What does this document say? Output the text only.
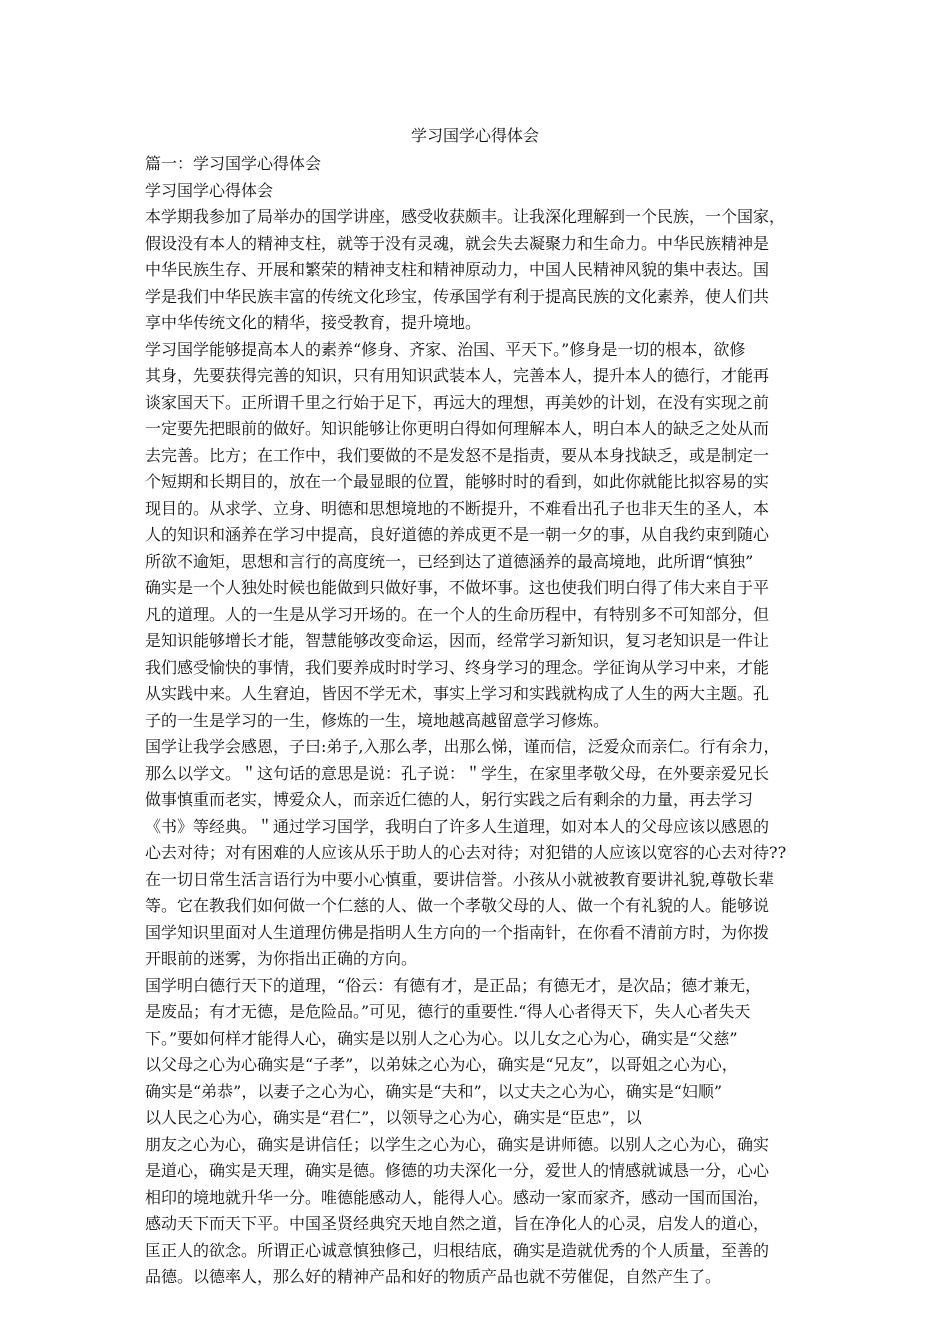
学习国学心得体会
篇一：学习国学心得体会
学习国学心得体会
本学期我参加了局举办的国学讲座，感受收获颇丰。让我深化理解到一个民族，一个国家，
假设没有本人的精神支柱，就等于没有灵魂，就会失去凝聚力和生命力。中华民族精神是
中华民族生存、开展和繁荣的精神支柱和精神原动力，中国人民精神风貌的集中表达。国
学是我们中华民族丰富的传统文化珍宝，传承国学有利于提高民族的文化素养，使人们共
享中华传统文化的精华，接受教育，提升境地。
学习国学能够提高本人的素养“修身、齐家、治国、平天下。”修身是一切的根本，欲修
其身，先要获得完善的知识，只有用知识武装本人，完善本人，提升本人的德行，才能再
谈家国天下。正所谓千里之行始于足下，再远大的理想，再美妙的计划，在没有实现之前
一定要先把眼前的做好。知识能够让你更明白得如何理解本人，明白本人的缺乏之处从而
去完善。比方；在工作中，我们要做的不是发怒不是指责，要从本身找缺乏，或是制定一
个短期和长期目的，放在一个最显眼的位置，能够时时的看到，如此你就能比拟容易的实
现目的。从求学、立身、明德和思想境地的不断提升，不难看出孔子也非天生的圣人，本
人的知识和涵养在学习中提高，良好道德的养成更不是一朝一夕的事，从自我约束到随心
所欲不逾矩，思想和言行的高度统一，已经到达了道德涵养的最高境地，此所谓“慎独”
确实是一个人独处时候也能做到只做好事，不做坏事。这也使我们明白得了伟大来自于平
凡的道理。人的一生是从学习开场的。在一个人的生命历程中，有特别多不可知部分，但
是知识能够增长才能，智慧能够改变命运，因而，经常学习新知识，复习老知识是一件让
我们感受愉快的事情，我们要养成时时学习、终身学习的理念。学征询从学习中来，才能
从实践中来。人生窘迫，皆因不学无术，事实上学习和实践就构成了人生的两大主题。孔
子的一生是学习的一生，修炼的一生，境地越高越留意学习修炼。
国学让我学会感恩，子曰:弟子,入那么孝，出那么悌，谨而信，泛爱众而亲仁。行有余力，
那么以学文。＂这句话的意思是说：孔子说：＂学生，在家里孝敬父母，在外要亲爱兄长
做事慎重而老实，博爱众人，而亲近仁德的人，躬行实践之后有剩余的力量，再去学习
《书》等经典。＂通过学习国学，我明白了许多人生道理，如对本人的父母应该以感恩的
心去对待；对有困难的人应该从乐于助人的心去对待；对犯错的人应该以宽容的心去对待??
在一切日常生活言语行为中要小心慎重，要讲信誉。小孩从小就被教育要讲礼貌,尊敬长辈
等。它在教我们如何做一个仁慈的人、做一个孝敬父母的人、做一个有礼貌的人。能够说
国学知识里面对人生道理仿佛是指明人生方向的一个指南针，在你看不清前方时，为你拨
开眼前的迷雾，为你指出正确的方向。
国学明白德行天下的道理，“俗云：有德有才，是正品；有德无才，是次品；德才兼无，
是废品；有才无德，是危险品。”可见，德行的重要性.“得人心者得天下，失人心者失天
下。”要如何样才能得人心，确实是以别人之心为心。以儿女之心为心，确实是“父慈”
以父母之心为心确实是“子孝”，以弟妹之心为心，确实是“兄友”，以哥姐之心为心，
确实是“弟恭”，以妻子之心为心，确实是“夫和”，以丈夫之心为心，确实是“妇顺”
以人民之心为心，确实是“君仁”，以领导之心为心，确实是“臣忠”，以
朋友之心为心，确实是讲信任；以学生之心为心，确实是讲师德。以别人之心为心，确实
是道心，确实是天理，确实是德。修德的功夫深化一分，爱世人的情感就诚恳一分，心心
相印的境地就升华一分。唯德能感动人，能得人心。感动一家而家齐，感动一国而国治，
感动天下而天下平。中国圣贤经典究天地自然之道，旨在净化人的心灵，启发人的道心，
匡正人的欲念。所谓正心诚意慎独修己，归根结底，确实是造就优秀的个人质量，至善的
品德。以德率人，那么好的精神产品和好的物质产品也就不劳催促，自然产生了。
